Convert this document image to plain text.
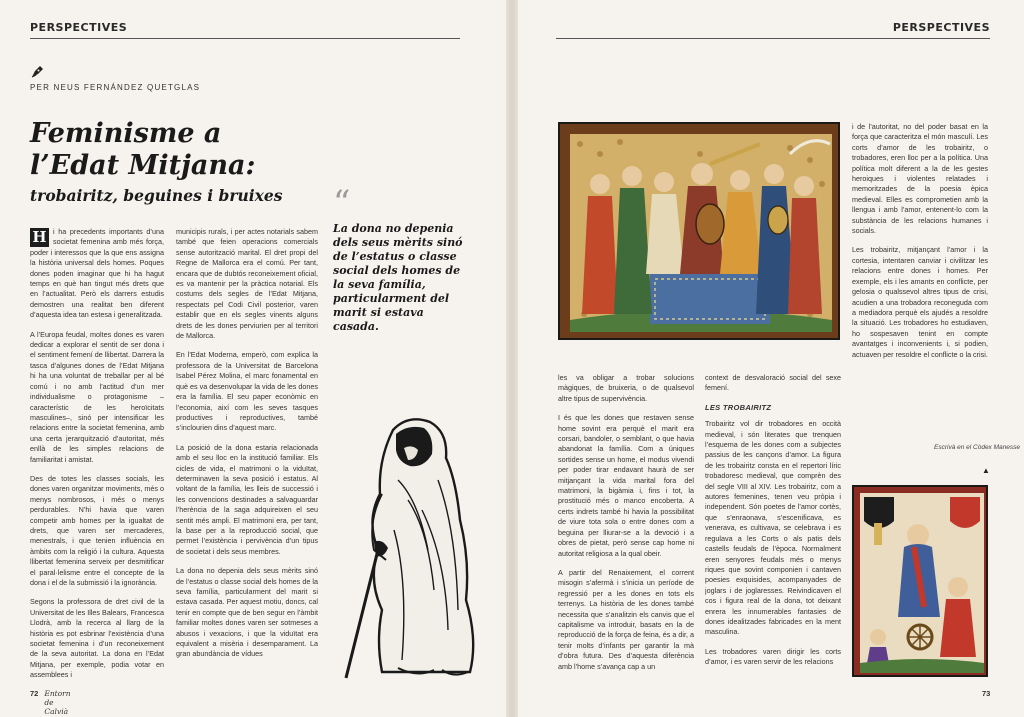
PERSPECTIVES	PERSPECTIVES
PER NEUS FERNÁNDEZ QUETGLAS
Feminisme a
l’Edat Mitjana:
trobairitz, beguines i bruixes

H i ha precedents importants d’una societat femenina amb més força, poder i interessos que la que ens assigna la història universal dels homes. Poques dones poden imaginar que hi ha hagut temps en què han tingut més drets que en l’actualitat. Però els darrers estudis demostren una realitat ben diferent d’aquesta idea tan estesa i generalitzada.

A l’Europa feudal, moltes dones es varen dedicar a explorar el sentit de ser dona i el sentiment femení de llibertat. Darrera la tasca d’algunes dones de l’Edat Mitjana hi ha una voluntat de treballar per al bé comú i no amb l’actitud d’un mer individualisme o protagonisme –característic de les heroïcitats masculines–, sinó per intensificar les relacions entre la societat femenina, amb una certa jerarquització d’autoritat, més enllà de les simples relacions de familiaritat i amistat.

Des de totes les classes socials, les dones varen organitzar moviments, més o menys nombrosos, i més o menys perdurables. N’hi havia que varen competir amb homes per la igualtat de drets, que varen ser mercaderes, menestrals, i que tenien influència en àmbits com la religió i la cultura. Aquesta llibertat femenina serveix per desmitificar el paral·lelisme entre el concepte de la dona i el de la submissió i la ignorància.

Segons la professora de dret civil de la Universitat de les Illes Balears, Francesca Llodrà, amb la recerca al llarg de la història es pot esbrinar l’existència d’una societat femenina i d’un reconeixement de la seva autoritat. La dona en l’Edat Mitjana, per exemple, podia votar en assemblees i

municipis rurals, i per actes notarials sabem també que feien operacions comercials sense autorització marital. El dret propi del Regne de Mallorca era el comú. Per tant, encara que de dubtós reconeixement oficial, es va mantenir per la pràctica notarial. Els costums dels segles de l’Edat Mitjana, respectats pel Codi Civil posterior, varen establir que en els segles vinents alguns drets de les dones perviurien per al territori de Mallorca.

En l’Edat Moderna, emperò, com explica la professora de la Universitat de Barcelona Isabel Pérez Molina, el marc fonamental en què es va desenvolupar la vida de les dones era la família. El seu paper econòmic en l’economia, així com les seves tasques productives i reproductives, també s’inclourien dins d’aquest marc.

La posició de la dona estaria relacionada amb el seu lloc en la institució familiar. Els cicles de vida, el matrimoni o la viduïtat, determinaven la seva posició i estatus. Al voltant de la família, les lleis de successió i les convencions destinades a salvaguardar l’herència de la saga adquireixen el seu sentit més ampli. El matrimoni era, per tant, la base per a la reproducció social, que permet l’existència i pervivència d’un tipus de societat i dels seus membres.

La dona no depenia dels seus mèrits sinó de l’estatus o classe social dels homes de la seva família, particularment del marit si estava casada. Per aquest motiu, doncs, cal tenir en compte que de ben segur en l’àmbit familiar moltes dones varen ser sotmeses a abusos i vexacions, i que la viduïtat era equivalent a misèria i desemparament. La gran abundància de vídues

“
La dona no depenia dels seus mèrits sinó de l’estatus o classe social dels homes de la seva família, particularment del marit si estava casada.
72 Entorn de Calvià

les va obligar a trobar solucions màgiques, de bruixeria, o de qualsevol altre tipus de supervivència.

I és que les dones que restaven sense home sovint era perquè el marit era corsari, bandoler, o semblant, o que havia abandonat la família. Com a úniques sortides sense un home, el modus vivendi per poder tirar endavant haurà de ser mitjançant la vida marital fora del matrimoni, la bigàmia i, fins i tot, la prostitució més o manco encoberta. A certs indrets també hi havia la possibilitat de viure tota sola o entre dones com a beguina per lliurar-se a la devoció i a obres de pietat, però sense cap home ni autoritat religiosa a la qual obeir.

A partir del Renaixement, el corrent misogin s’afermà i s’inicia un període de regressió per a les dones en tots els terrenys. La història de les dones també necessita que s’analitzin els canvis que el capitalisme va introduir, basats en la de reproducció de la força de feina, és a dir, a tenir molts d’infants per garantir la mà d’obra futura. Des d’aquesta diferència amb l’home s’avança cap a un

context de desvaloració social del sexe femení.

LES TROBAIRITZ

Trobairitz vol dir trobadores en occità medieval, i són literates que trenquen l’esquema de les dones com a subjectes passius de les cançons d’amor. La figura de les trobairitz consta en el repertori líric trobadoresc medieval, que comprèn des del segle VIII al XIV. Les trobairitz, com a autores femenines, tenen veu pròpia i independent. Són poetes de l’amor cortès, que s’enraonava, s’escenificava, es venerava, es cultivava, se celebrava i es regulava a les Corts o als patis dels castells feudals de l’època. Normalment eren senyores feudals més o menys riques que sovint componien i cantaven poesies exquisides, acompanyades de joglars i de joglaresses. Reivindicaven el cos i figura real de la dona, tot deixant enrera les innumerables fantasies de dones idealitzades fabricades en la ment masculina.

Les trobadores varen dirigir les corts d’amor, i es varen servir de les relacions

i de l’autoritat, no del poder basat en la força que caracteritza el món masculí. Les corts d’amor de les trobairitz, o trobadores, eren lloc per a la política. Una política molt diferent a la de les gestes heroiques i violentes relatades i memoritzades de la poesia èpica medieval. Elles es comprometien amb la llengua i amb l’amor, entenent-lo com la substància de les relacions humanes i socials.

Les trobairitz, mitjançant l’amor i la cortesia, intentaren canviar i civilitzar les relacions entre dones i homes. Per exemple, els i les amants en conflicte, per gelosia o qualssevol altres tipus de crisi, acudien a una trobadora reconeguda com a mediadora perquè els ajudés a resoldre la situació. Les trobadores ho estudiaven, ho sospesaven tenint en compte avantatges i inconvenients i, si podien, actuaven per resoldre el conflicte o la crisi.

Escrivà en el Còdex Manesse
▲
73
